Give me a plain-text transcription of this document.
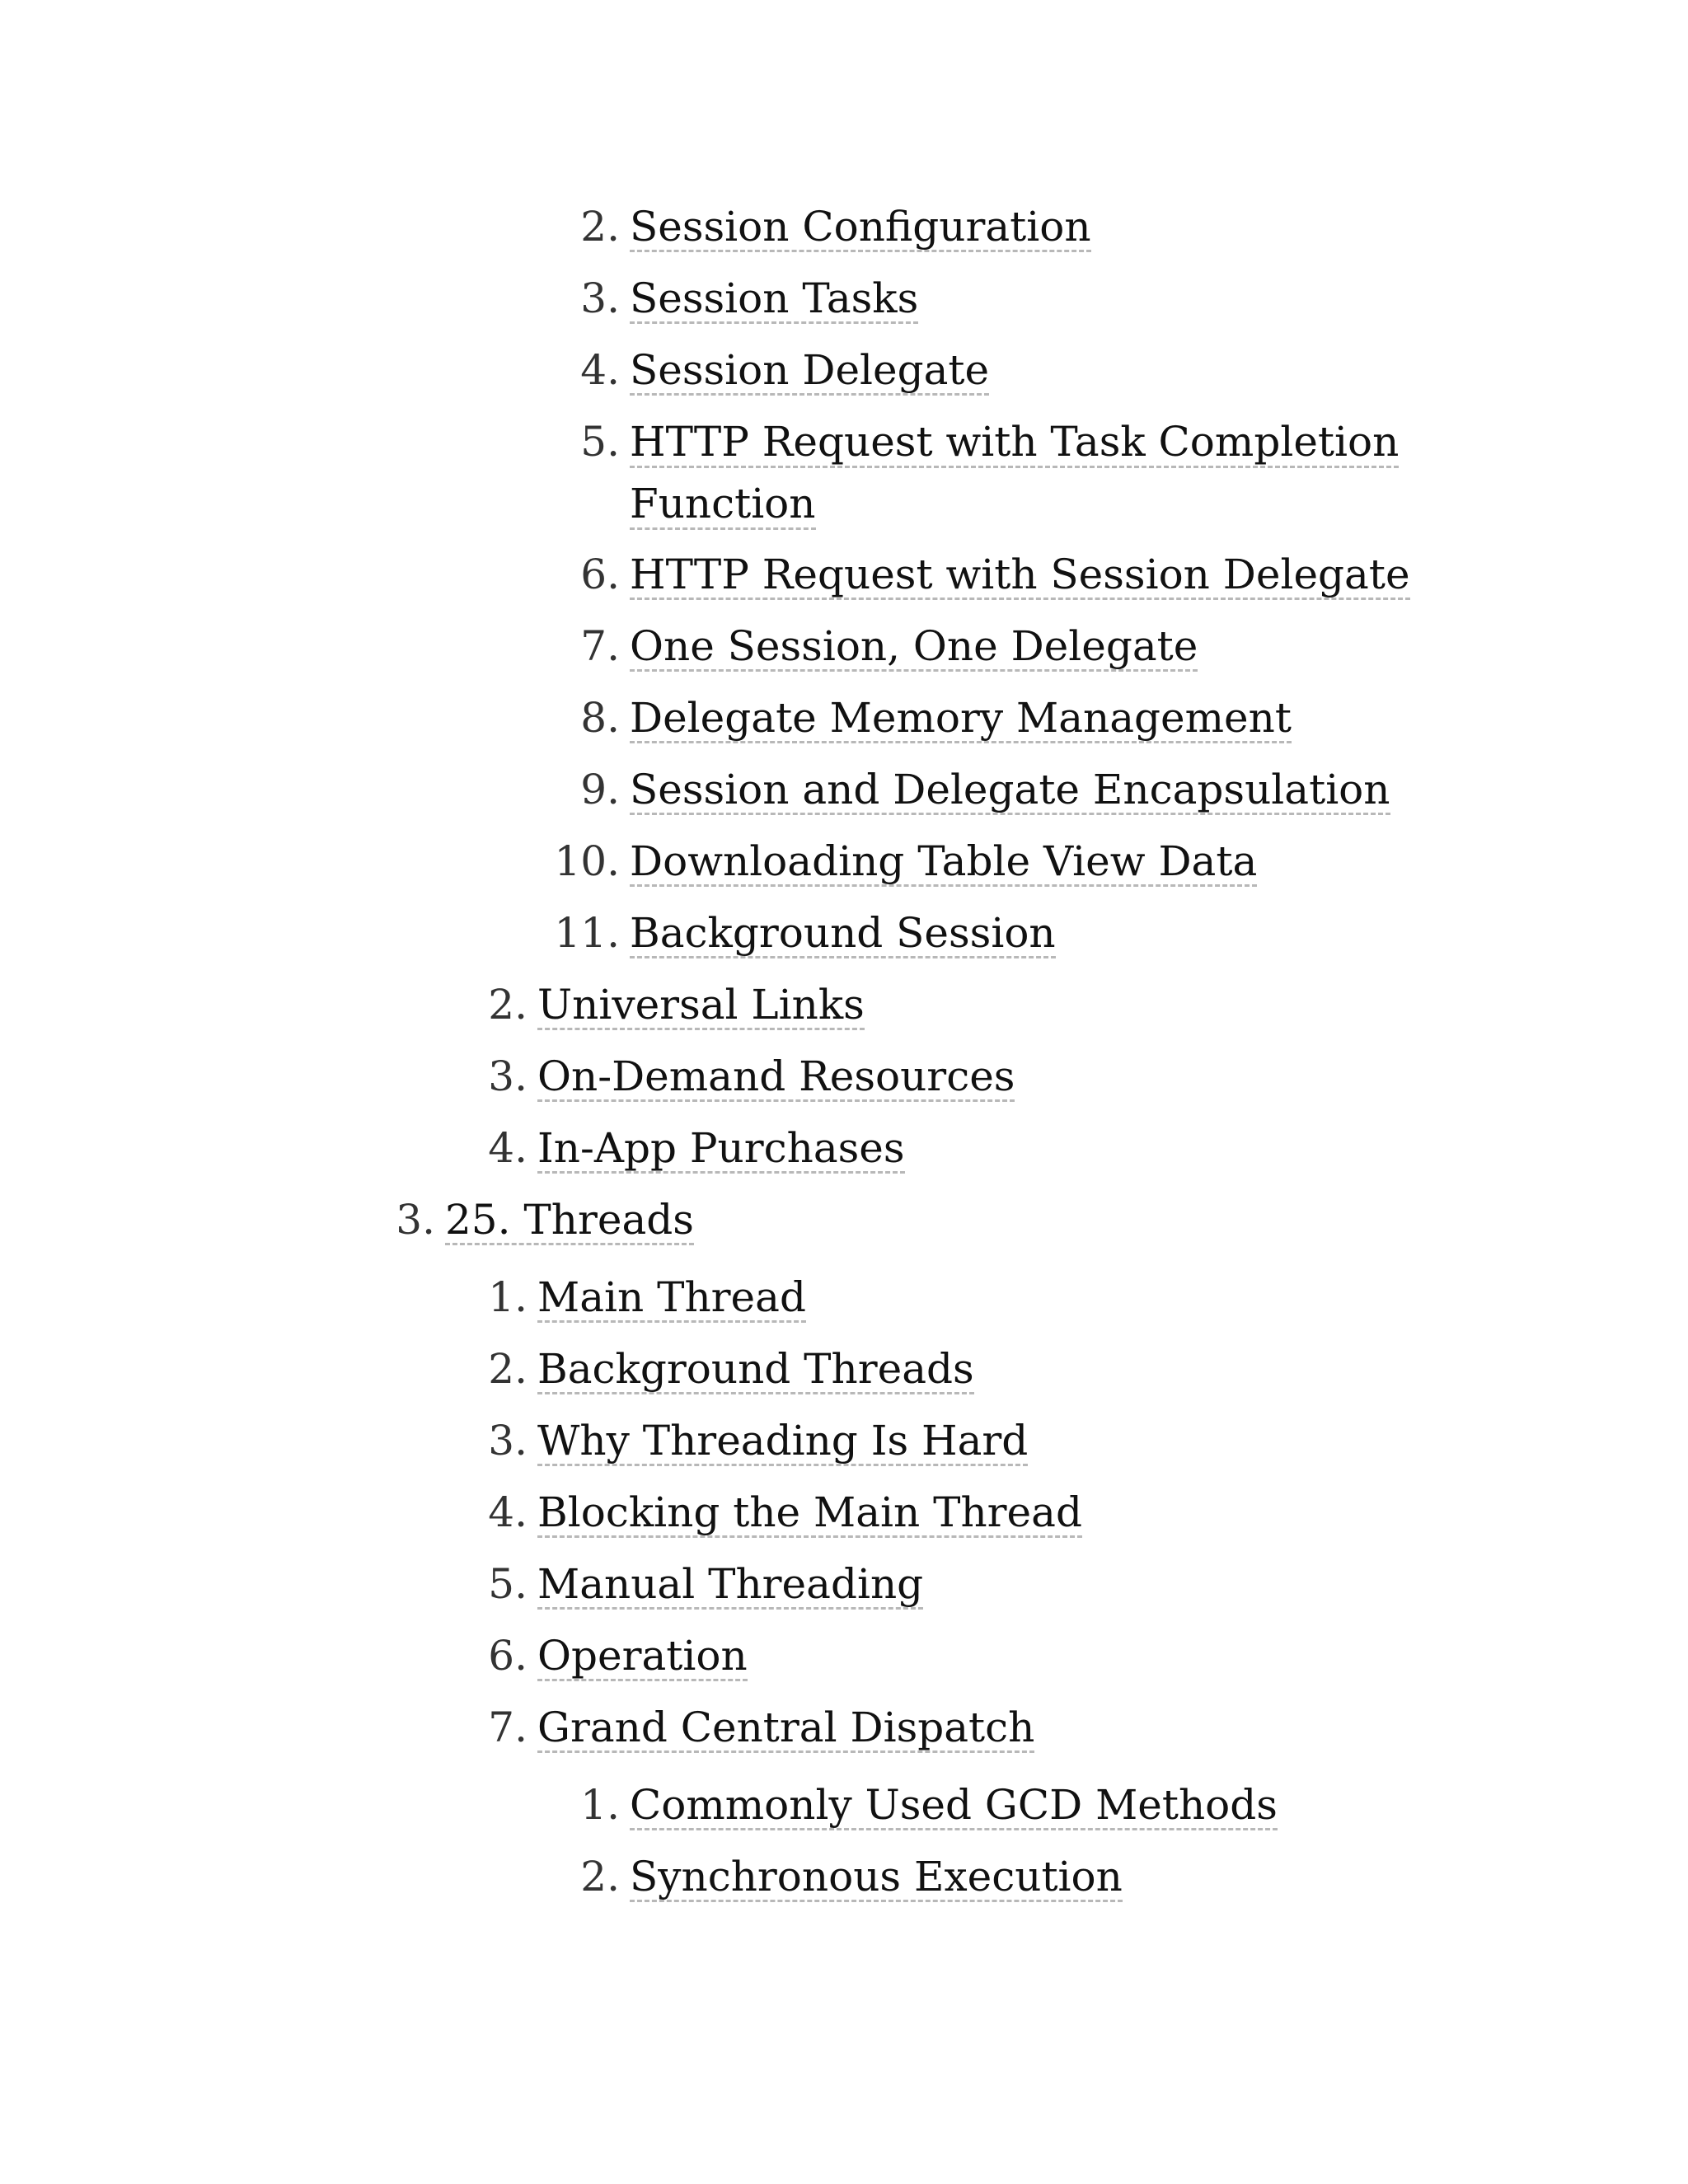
2. Session Configuration
3. Session Tasks
4. Session Delegate
5. HTTP Request with Task Completion
Function
6. HTTP Request with Session Delegate
7. One Session, One Delegate
8. Delegate Memory Management
9. Session and Delegate Encapsulation
10. Downloading Table View Data
11. Background Session
2. Universal Links
3. On-Demand Resources
4. In-App Purchases
3. 25. Threads
1. Main Thread
2. Background Threads
3. Why Threading Is Hard
4. Blocking the Main Thread
5. Manual Threading
6. Operation
7. Grand Central Dispatch
1. Commonly Used GCD Methods
2. Synchronous Execution
